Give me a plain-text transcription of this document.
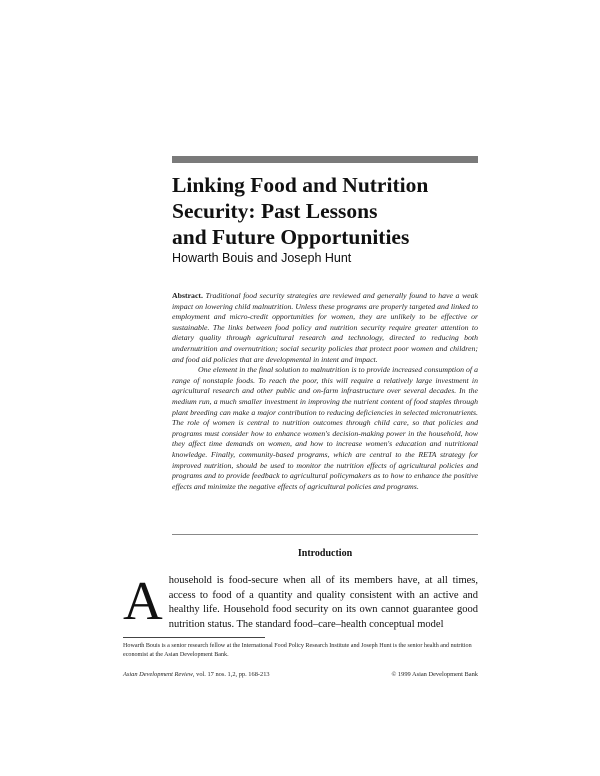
Linking Food and Nutrition
Security: Past Lessons
and Future Opportunities

Howarth Bouis and Joseph Hunt

Abstract. Traditional food security strategies are reviewed and generally found to have a weak impact on lowering child malnutrition. Unless these programs are properly targeted and linked to employment and micro-credit opportunities for women, they are unlikely to be effective or sustainable. The links between food policy and nutrition security require greater attention to dietary quality through agricultural research and technology, directed to reducing both undernutrition and overnutrition; social security policies that protect poor women and children; and food aid policies that are developmental in intent and impact.

One element in the final solution to malnutrition is to provide increased consumption of a range of nonstaple foods. To reach the poor, this will require a relatively large investment in agricultural research and other public and on-farm infrastructure over several decades. In the medium run, a much smaller investment in improving the nutrient content of food staples through plant breeding can make a major contribution to reducing deficiencies in selected micronutrients. The role of women is central to nutrition outcomes through child care, so that policies and programs must consider how to enhance women's decision-making power in the household, how they affect time demands on women, and how to increase women's education and nutritional knowledge. Finally, community-based programs, which are central to the RETA strategy for improved nutrition, should be used to monitor the nutrition effects of agricultural policies and programs and to provide feedback to agricultural policymakers as to how to enhance the positive effects and minimize the negative effects of agricultural policies and programs.

Introduction

Ahousehold is food-secure when all of its members have, at all times, access to food of a quantity and quality consistent with an active and healthy life. Household food security on its own cannot guarantee good nutrition status. The standard food–care–health conceptual model

Howarth Bouis is a senior research fellow at the International Food Policy Research Institute and Joseph Hunt is the senior health and nutrition economist at the Asian Development Bank.

Asian Development Review, vol. 17 nos. 1,2, pp. 168-213	© 1999 Asian Development Bank
